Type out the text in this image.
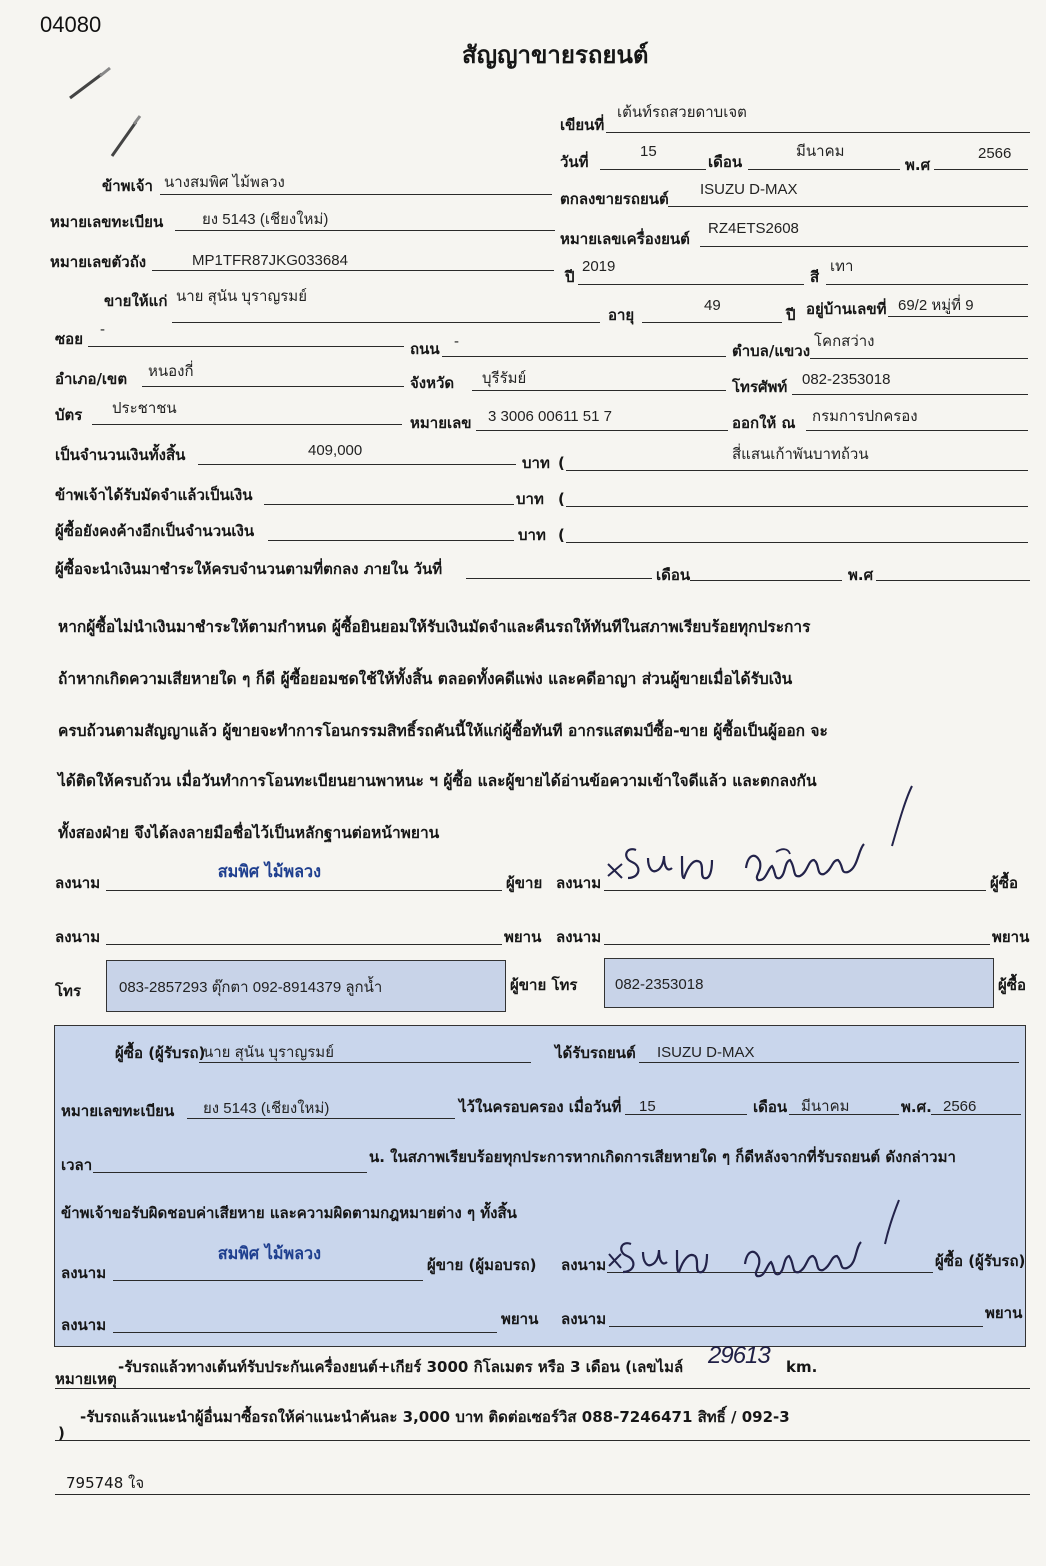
04080
สัญญาขายรถยนต์
เขียนที่
เต้นท์รถสวยดาบเจต
วันที่
15
เดือน
มีนาคม
พ.ศ
2566
ข้าพเจ้า นางสมพิศ ไม้พลวง
ตกลงขายรถยนต์
ISUZU D-MAX
หมายเลขทะเบียน	ยง 5143 (เชียงใหม่)
หมายเลขเครื่องยนต์
RZ4ETS2608
หมายเลขตัวถัง	MP1TFR87JKG033684
ปี
2019
สี
เทา
ขายให้แก่ นาย สุนัน บุราญรมย์
อายุ
49
ปี อยู่บ้านเลขที่ 69/2 หมู่ที่ 9
ซอย
-
ถนน -
ตำบล/แขวง
โคกสว่าง
อำเภอ/เขต หนองกี่
จังหวัด บุรีรัมย์	โทรศัพท์ 082-2353018
บัตร ประชาชน
หมายเลข 3 3006 00611 51 7	ออกให้ ณ กรมการปกครอง
เป็นจำนวนเงินทั้งสิ้น	409,000
บาท (	สี่แสนเก้าพันบาทถ้วน
ข้าพเจ้าได้รับมัดจำแล้วเป็นเงิน	บาท (
ผู้ซื้อยังคงค้างอีกเป็นจำนวนเงิน	บาท (
ผู้ซื้อจะนำเงินมาชำระให้ครบจำนวนตามที่ตกลง ภายใน วันที่	เดือน	พ.ศ
หากผู้ซื้อไม่นำเงินมาชำระให้ตามกำหนด ผู้ซื้อยินยอมให้รับเงินมัดจำและคืนรถให้ทันทีในสภาพเรียบร้อยทุกประการ
ถ้าหากเกิดความเสียหายใด ๆ ก็ดี ผู้ซื้อยอมชดใช้ให้ทั้งสิ้น ตลอดทั้งคดีแพ่ง และคดีอาญา ส่วนผู้ขายเมื่อได้รับเงิน
ครบถ้วนตามสัญญาแล้ว ผู้ขายจะทำการโอนกรรมสิทธิ์รถคันนี้ให้แก่ผู้ซื้อทันที อากรแสตมป์ซื้อ-ขาย ผู้ซื้อเป็นผู้ออก จะ
ได้ติดให้ครบถ้วน เมื่อวันทำการโอนทะเบียนยานพาหนะ ฯ ผู้ซื้อ และผู้ขายได้อ่านข้อความเข้าใจดีแล้ว และตกลงกัน
ทั้งสองฝ่าย จึงได้ลงลายมือชื่อไว้เป็นหลักฐานต่อหน้าพยาน
ลงนาม
สมพิศ ไม้พลวง
ผู้ขาย ลงนาม	ผู้ซื้อ
ลงนาม	พยาน ลงนาม	พยาน
โทร	083-2857293 ตุ๊กตา 092-8914379 ลูกน้ำ	ผู้ขาย โทร	082-2353018	ผู้ซื้อ
ผู้ซื้อ (ผู้รับรถ)
นาย สุนัน บุราญรมย์	ได้รับรถยนต์ ISUZU D-MAX
หมายเลขทะเบียน ยง 5143 (เชียงใหม่)	ไว้ในครอบครอง เมื่อวันที่ 15	เดือน มีนาคม	พ.ศ. 2566
เวลา	น. ในสภาพเรียบร้อยทุกประการหากเกิดการเสียหายใด ๆ ก็ดีหลังจากที่รับรถยนต์ ดังกล่าวมา
ข้าพเจ้าขอรับผิดชอบค่าเสียหาย และความผิดตามกฎหมายต่าง ๆ ทั้งสิ้น
ลงนาม
สมพิศ ไม้พลวง
ผู้ขาย (ผู้มอบรถ) ลงนาม	ผู้ซื้อ (ผู้รับรถ)
ลงนาม	พยาน ลงนาม	พยาน
หมายเหตุ
-รับรถแล้วทางเต้นท์รับประกันเครื่องยนต์+เกียร์ 3000 กิโลเมตร หรือ 3 เดือน (เลขไมล์ 29613 km.
)
-รับรถแล้วแนะนำผู้อื่นมาซื้อรถให้ค่าแนะนำคันละ 3,000 บาท ติดต่อเซอร์วิส 088-7246471 สิทธิ์ / 092-3
795748 ใจ
